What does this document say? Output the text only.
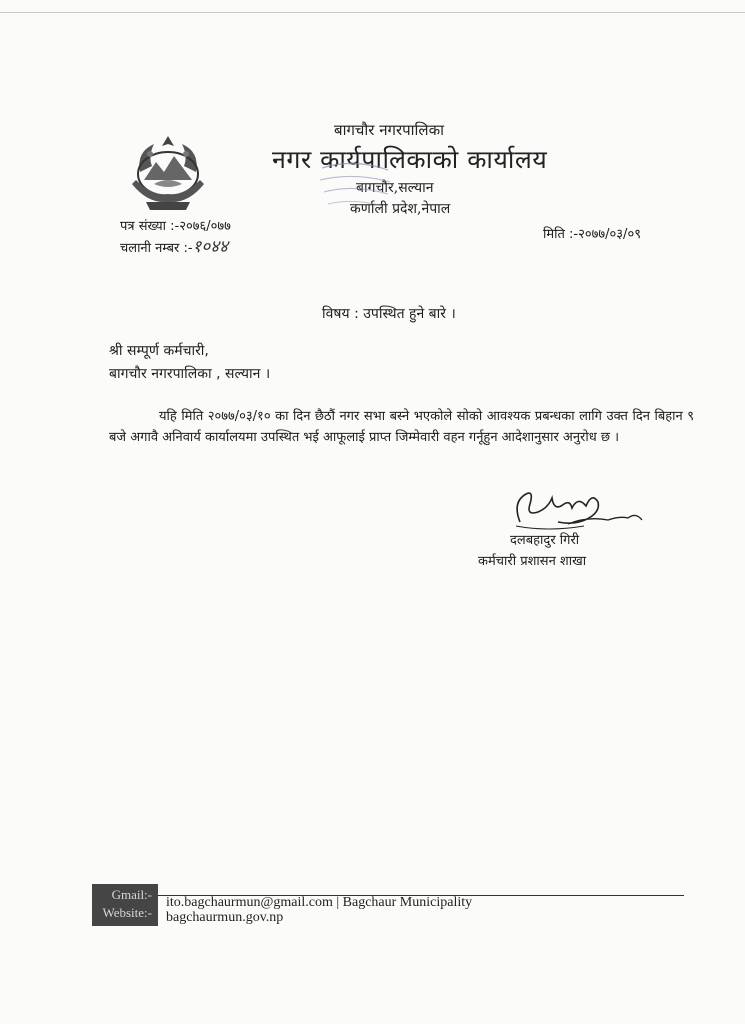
बागचौर नगरपालिका
नगर कार्यपालिकाको कार्यालय
बागचौर,सल्यान
कर्णाली प्रदेश,नेपाल
पत्र संख्या :-२०७६/०७७
चलानी नम्बर :-१०४४
मिति :-२०७७/०३/०९
विषय : उपस्थित हुने बारे ।
श्री सम्पूर्ण कर्मचारी,
बागचौर नगरपालिका , सल्यान ।

यहि मिति २०७७/०३/१० का दिन छैठौं नगर सभा बस्ने भएकोले सोको आवश्यक प्रबन्धका लागि उक्त दिन बिहान ९ बजे अगावै अनिवार्य कार्यालयमा उपस्थित भई आफूलाई प्राप्त जिम्मेवारी वहन गर्नूहुन आदेशानुसार अनुरोध छ ।

दलबहादुर गिरी
कर्मचारी प्रशासन शाखा
Gmail:-
Website:-
ito.bagchaurmun@gmail.com | Bagchaur Municipality
bagchaurmun.gov.np
